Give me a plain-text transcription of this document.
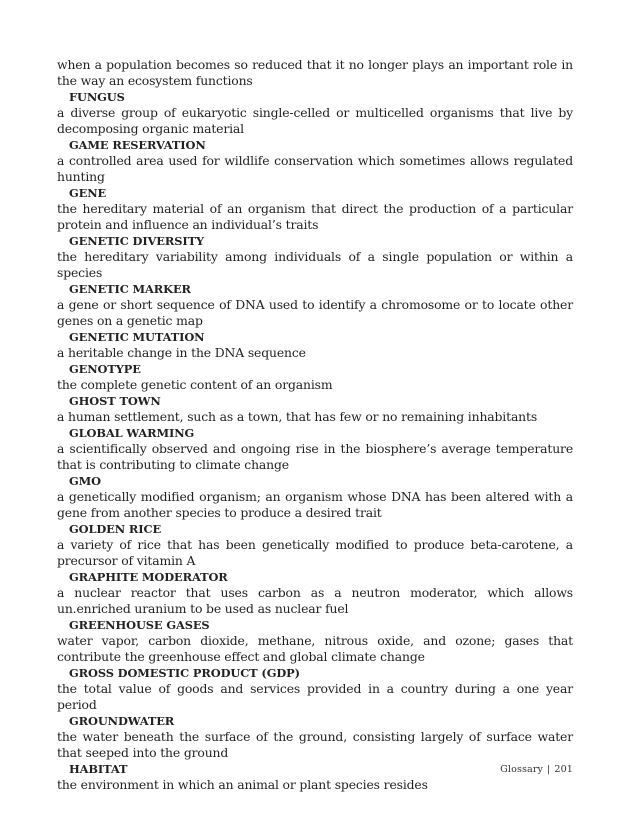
when a population becomes so reduced that it no longer plays an important role in the way an ecosystem functions

FUNGUS

a diverse group of eukaryotic single-celled or multicelled organisms that live by decomposing organic material

GAME RESERVATION

a controlled area used for wildlife conservation which sometimes allows regulated hunting

GENE

the hereditary material of an organism that direct the production of a particular protein and influence an individual’s traits

GENETIC DIVERSITY

the hereditary variability among individuals of a single population or within a species

GENETIC MARKER

a gene or short sequence of DNA used to identify a chromosome or to locate other genes on a genetic map

GENETIC MUTATION

a heritable change in the DNA sequence

GENOTYPE

the complete genetic content of an organism

GHOST TOWN

a human settlement, such as a town, that has few or no remaining inhabitants

GLOBAL WARMING

a scientifically observed and ongoing rise in the biosphere’s average temperature that is contributing to climate change

GMO

a genetically modified organism; an organism whose DNA has been altered with a gene from another species to produce a desired trait

GOLDEN RICE

a variety of rice that has been genetically modified to produce beta-carotene, a precursor of vitamin A

GRAPHITE MODERATOR

a nuclear reactor that uses carbon as a neutron moderator, which allows un.enriched uranium to be used as nuclear fuel

GREENHOUSE GASES

water vapor, carbon dioxide, methane, nitrous oxide, and ozone; gases that contribute the greenhouse effect and global climate change

GROSS DOMESTIC PRODUCT (GDP)

the total value of goods and services provided in a country during a one year period

GROUNDWATER

the water beneath the surface of the ground, consisting largely of surface water that seeped into the ground

HABITAT

the environment in which an animal or plant species resides

Glossary | 201
